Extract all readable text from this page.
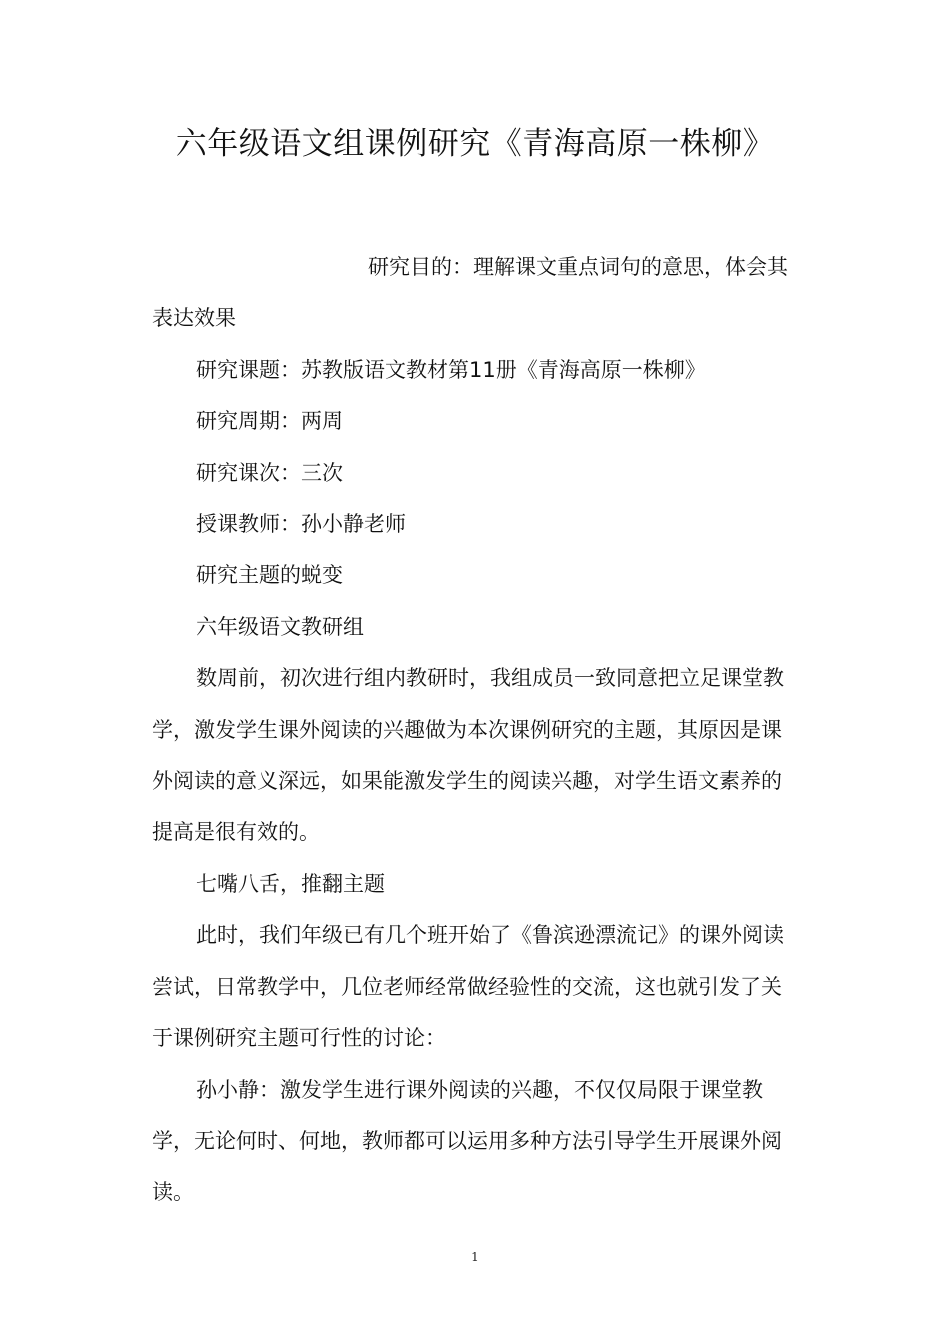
六年级语文组课例研究《青海高原一株柳》

研究目的：理解课文重点词句的意思，体会其表达效果

研究课题：苏教版语文教材第11册《青海高原一株柳》

研究周期：两周

研究课次：三次

授课教师：孙小静老师

研究主题的蜕变

六年级语文教研组

数周前，初次进行组内教研时，我组成员一致同意把立足课堂教学，激发学生课外阅读的兴趣做为本次课例研究的主题，其原因是课外阅读的意义深远，如果能激发学生的阅读兴趣，对学生语文素养的提高是很有效的。

七嘴八舌，推翻主题

此时，我们年级已有几个班开始了《鲁滨逊漂流记》的课外阅读尝试，日常教学中，几位老师经常做经验性的交流，这也就引发了关于课例研究主题可行性的讨论：

孙小静：激发学生进行课外阅读的兴趣，不仅仅局限于课堂教学，无论何时、何地，教师都可以运用多种方法引导学生开展课外阅读。

1
